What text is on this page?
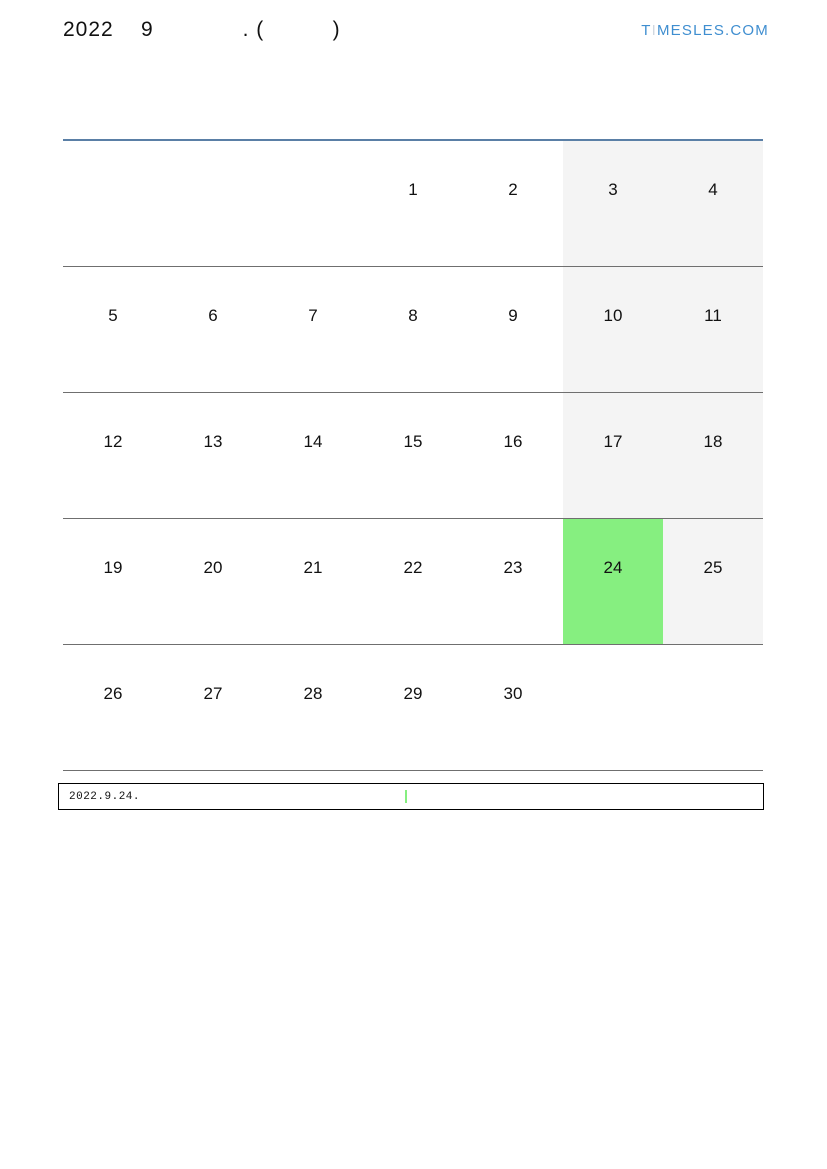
2022    9             . (          )	TIMESLES.COM

			1	2	3	4

5	6	7	8	9	10	11

12	13	14	15	16	17	18

19	20	21	22	23	24	25

26	27	28	29	30		

2022.9.24.
